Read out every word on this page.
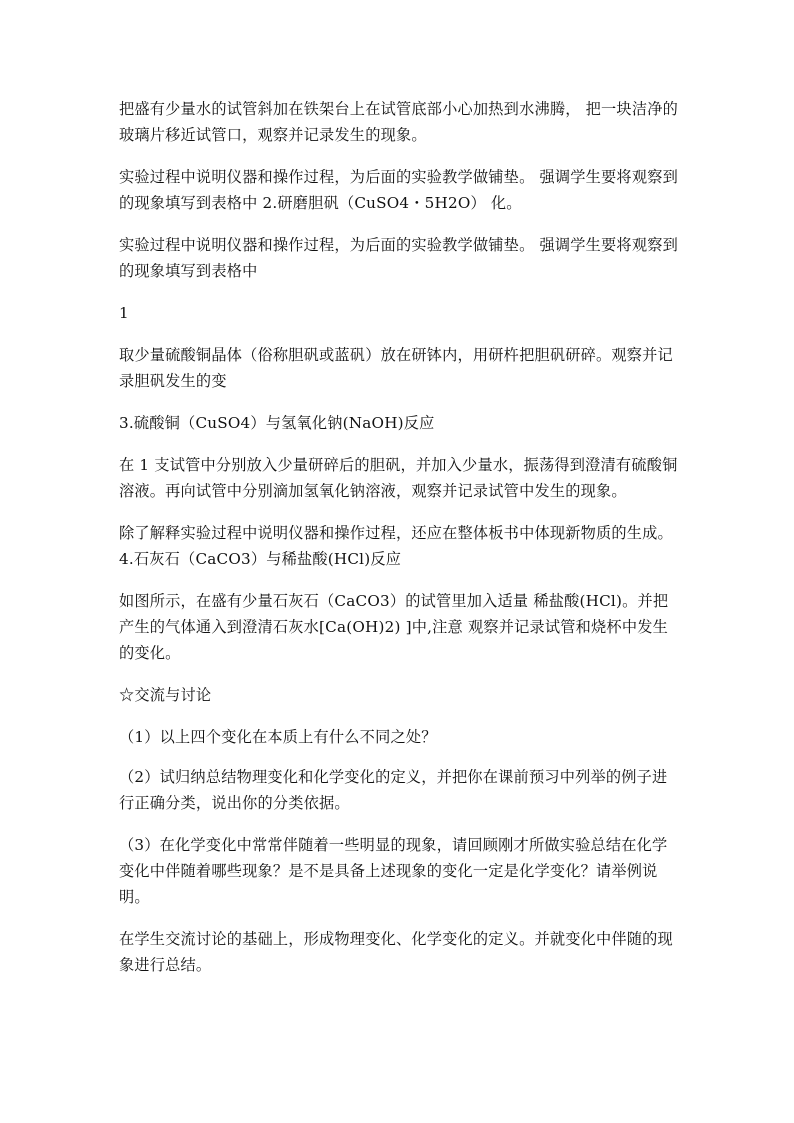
把盛有少量水的试管斜加在铁架台上在试管底部小心加热到水沸腾， 把一块洁净的玻璃片移近试管口，观察并记录发生的现象。

实验过程中说明仪器和操作过程，为后面的实验教学做铺垫。 强调学生要将观察到的现象填写到表格中 2.研磨胆矾（CuSO4・5H2O） 化。

实验过程中说明仪器和操作过程，为后面的实验教学做铺垫。 强调学生要将观察到的现象填写到表格中

1

取少量硫酸铜晶体（俗称胆矾或蓝矾）放在研钵内，用研杵把胆矾研碎。观察并记录胆矾发生的变

3.硫酸铜（CuSO4）与氢氧化钠(NaOH)反应

在 1 支试管中分别放入少量研碎后的胆矾，并加入少量水，振荡得到澄清有硫酸铜溶液。再向试管中分别滴加氢氧化钠溶液，观察并记录试管中发生的现象。

除了解释实验过程中说明仪器和操作过程，还应在整体板书中体现新物质的生成。 4.石灰石（CaCO3）与稀盐酸(HCl)反应

如图所示，在盛有少量石灰石（CaCO3）的试管里加入适量 稀盐酸(HCl)。并把产生的气体通入到澄清石灰水[Ca(OH)2) ]中,注意 观察并记录试管和烧杯中发生的变化。

☆交流与讨论

（1）以上四个变化在本质上有什么不同之处？

（2）试归纳总结物理变化和化学变化的定义，并把你在课前预习中列举的例子进行正确分类，说出你的分类依据。

（3）在化学变化中常常伴随着一些明显的现象，请回顾刚才所做实验总结在化学变化中伴随着哪些现象？是不是具备上述现象的变化一定是化学变化？请举例说明。

在学生交流讨论的基础上，形成物理变化、化学变化的定义。并就变化中伴随的现象进行总结。
